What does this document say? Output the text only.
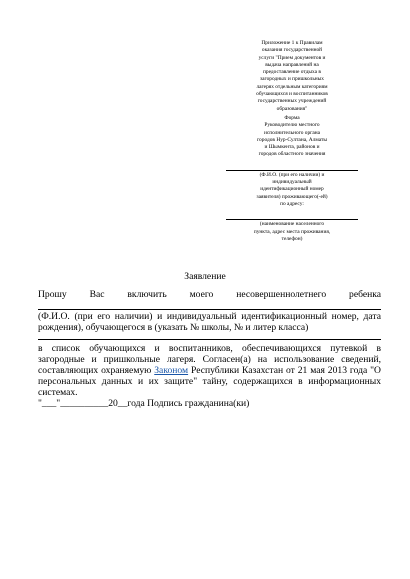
Приложение 1 к Правилам
оказания государственной
услуги "Прием документов и
выдача направлений на
предоставление отдыха в
загородных и пришкольных
лагерях отдельным категориям
обучающихся и воспитанников
государственных учреждений
образования"
Форма
Руководителю местного
исполнительного органа
городов Нур-Султана, Алматы
и Шымкента, районов и
городов областного значения
(Ф.И.О. (при его наличии) и
индивидуальный
идентификационный номер
заявителя) проживающего(-ей)
по адресу:
(наименование населенного
пункта, адрес места проживания,
телефон)
Заявление
Прошу Вас включить моего несовершеннолетнего ребенка
(Ф.И.О. (при его наличии) и индивидуальный идентификационный номер, дата рождения), обучающегося в (указать № школы, № и литер класса)
в список обучающихся и воспитанников, обеспечивающихся путевкой в загородные и пришкольные лагеря. Согласен(а) на использование сведений, составляющих охраняемую Законом Республики Казахстан от 21 мая 2013 года "О персональных данных и их защите" тайну, содержащихся в информационных системах.
"___"__________20__года Подпись гражданина(ки)
